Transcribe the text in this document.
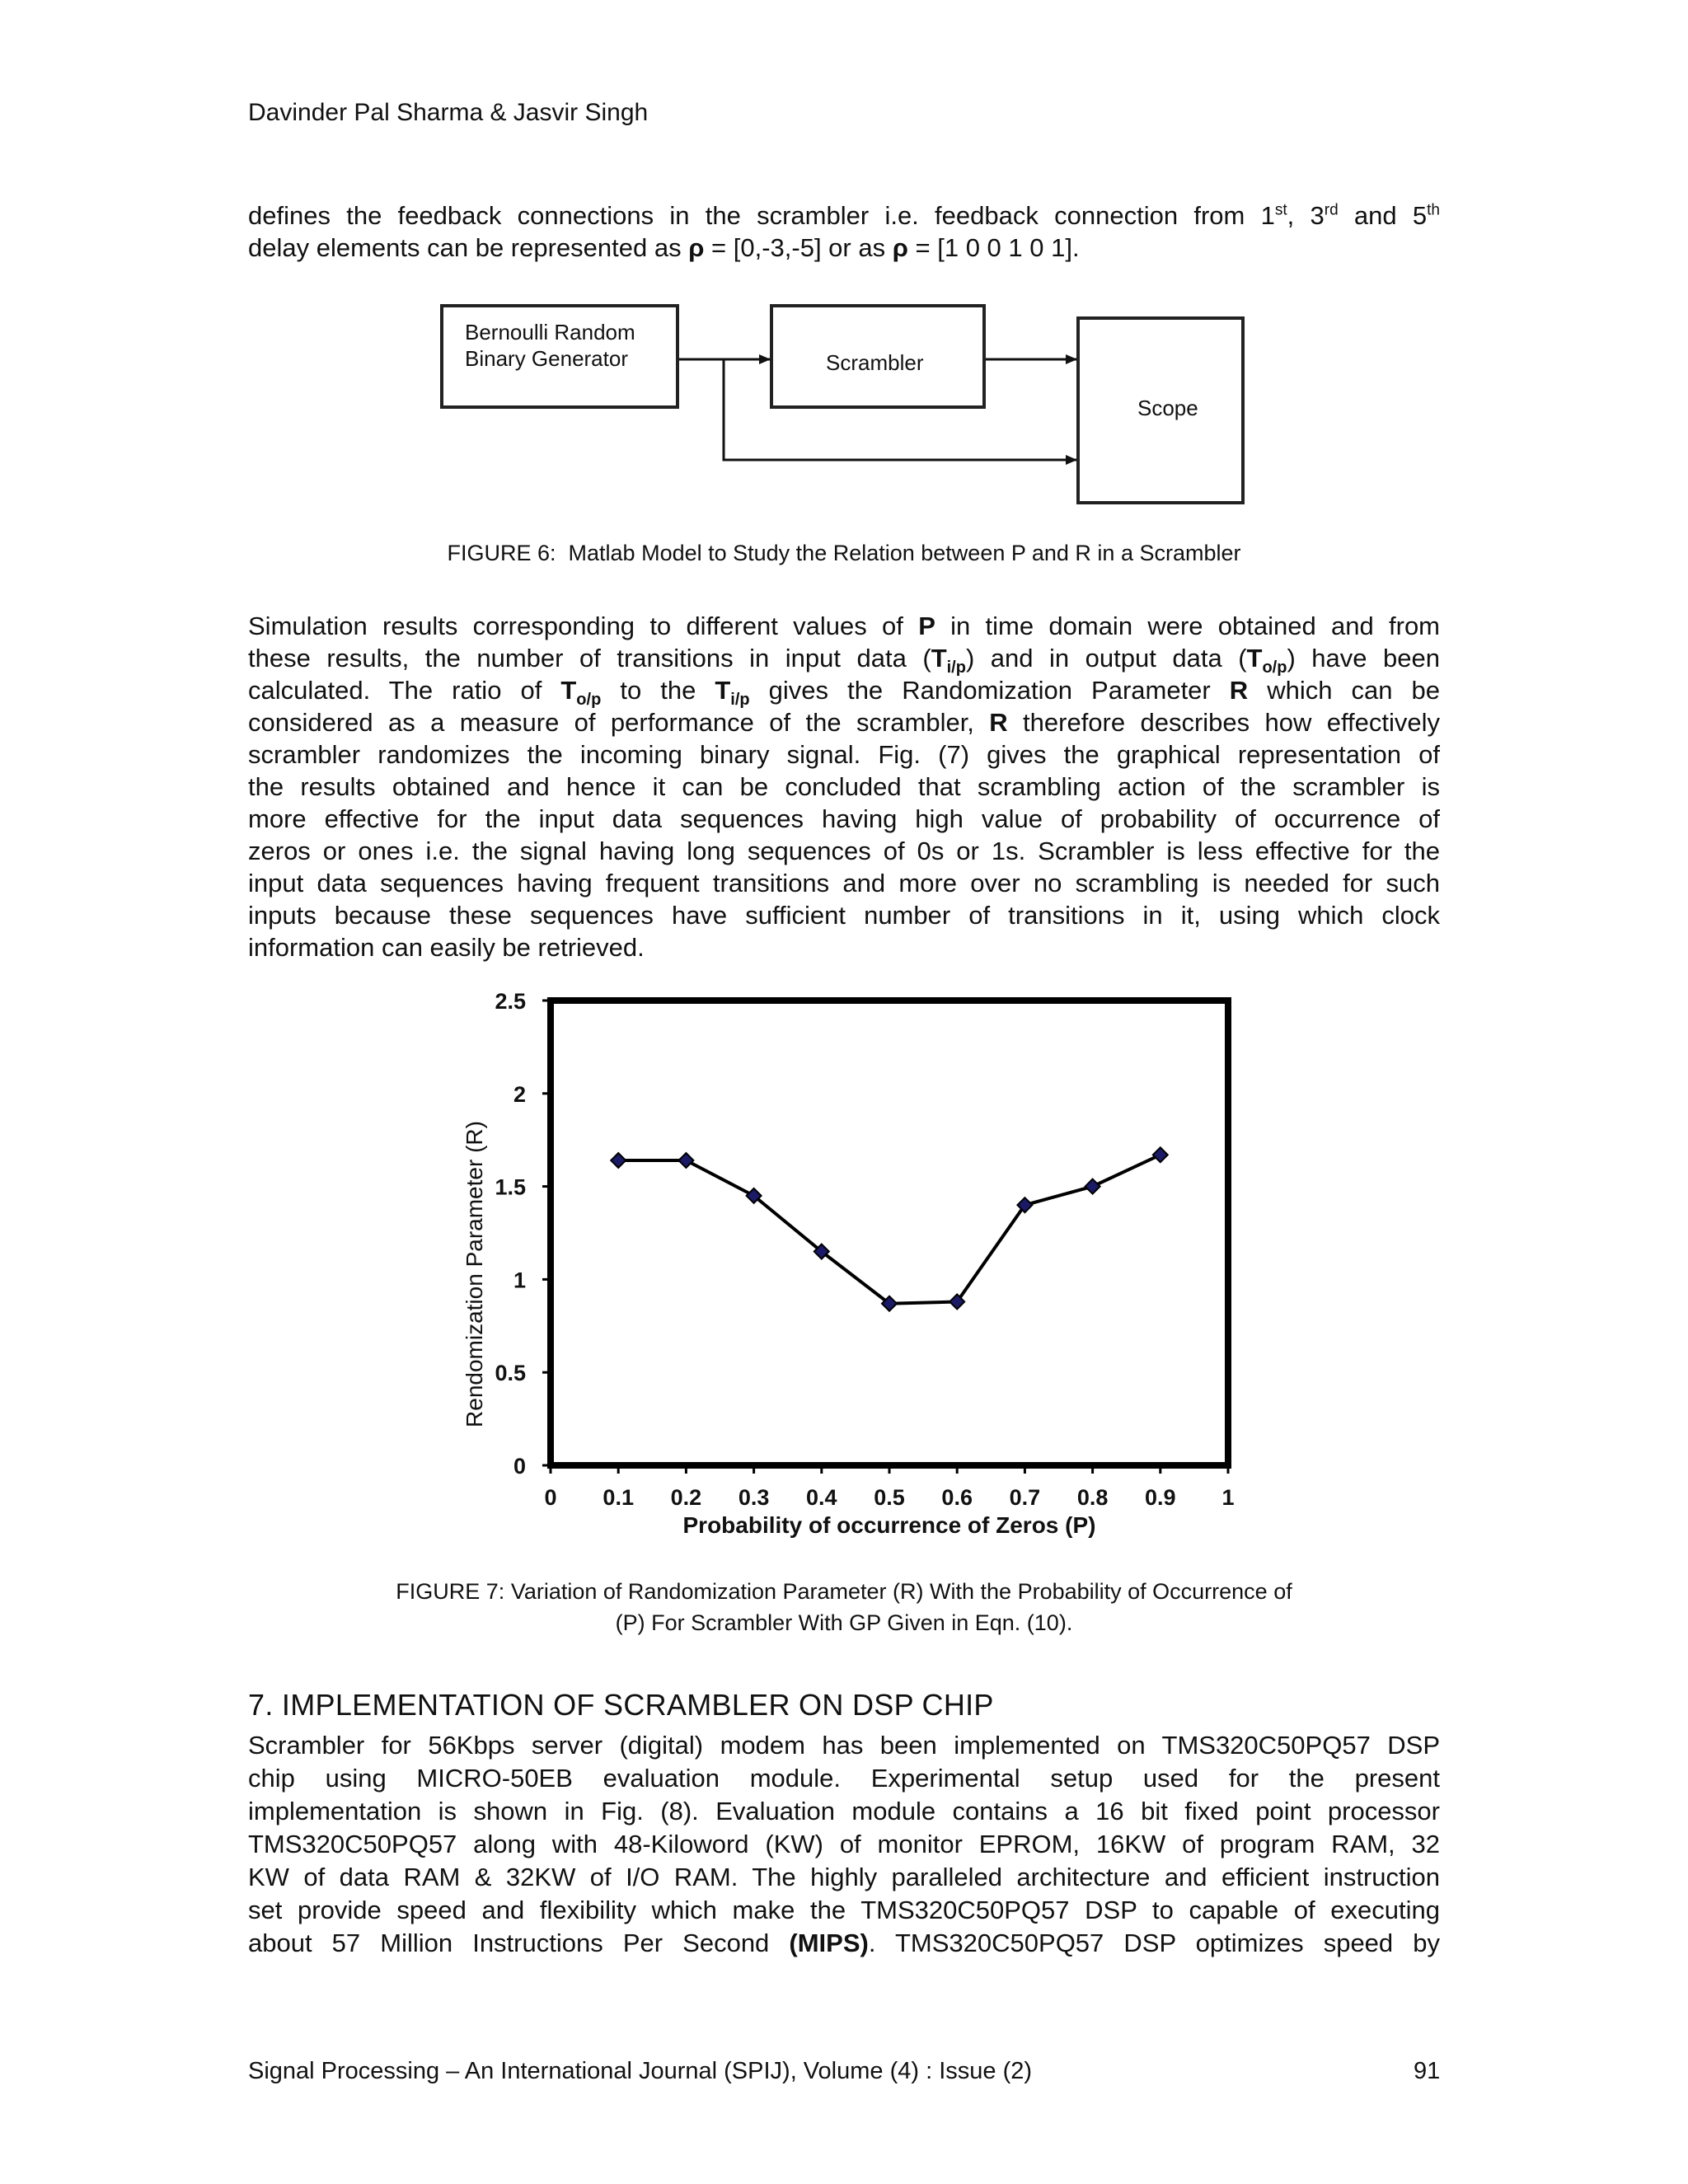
Davinder Pal Sharma & Jasvir Singh
defines the feedback connections in the scrambler i.e. feedback connection from 1st, 3rd and 5th
delay elements can be represented as ρ = [0,-3,-5] or as ρ = [1 0 0 1 0 1].
Bernoulli Random
Binary Generator	Scrambler
Scope
FIGURE 6: Matlab Model to Study the Relation between P and R in a Scrambler
Simulation results corresponding to different values of P in time domain were obtained and from
these results, the number of transitions in input data $(T_{i/p})$ and in output data $(T_{o/p})$ have been
calculated. The ratio of $T_{o/p}$ to the $T_{i/p}$ gives the Randomization Parameter R which can be
considered as a measure of performance of the scrambler, R therefore describes how effectively
scrambler randomizes the incoming binary signal. Fig. (7) gives the graphical representation of
the results obtained and hence it can be concluded that scrambling action of the scrambler is
more effective for the input data sequences having high value of probability of occurrence of
zeros or ones i.e. the signal having long sequences of 0s or 1s. Scrambler is less effective for the
input data sequences having frequent transitions and more over no scrambling is needed for such
inputs because these sequences have sufficient number of transitions in it, using which clock
information can easily be retrieved.
0
0.5
1
1.5
2
2.5
0 0.1 0.2 0.3 0.4 0.5 0.6 0.7 0.8 0.9 1
Probability of occurrence of Zeros (P)
Rendomization Parameter (R)
FIGURE 7: Variation of Randomization Parameter (R) With the Probability of Occurrence of
(P) For Scrambler With GP Given in Eqn. (10).
7. IMPLEMENTATION OF SCRAMBLER ON DSP CHIP
Scrambler for 56Kbps server (digital) modem has been implemented on TMS320C50PQ57 DSP
chip using MICRO-50EB evaluation module. Experimental setup used for the present
implementation is shown in Fig. (8). Evaluation module contains a 16 bit fixed point processor
TMS320C50PQ57 along with 48-Kiloword (KW) of monitor EPROM, 16KW of program RAM, 32
KW of data RAM & 32KW of I/O RAM. The highly paralleled architecture and efficient instruction
set provide speed and flexibility which make the TMS320C50PQ57 DSP to capable of executing
about 57 Million Instructions Per Second (MIPS). TMS320C50PQ57 DSP optimizes speed by
Signal Processing – An International Journal (SPIJ), Volume (4) : Issue (2)	91
